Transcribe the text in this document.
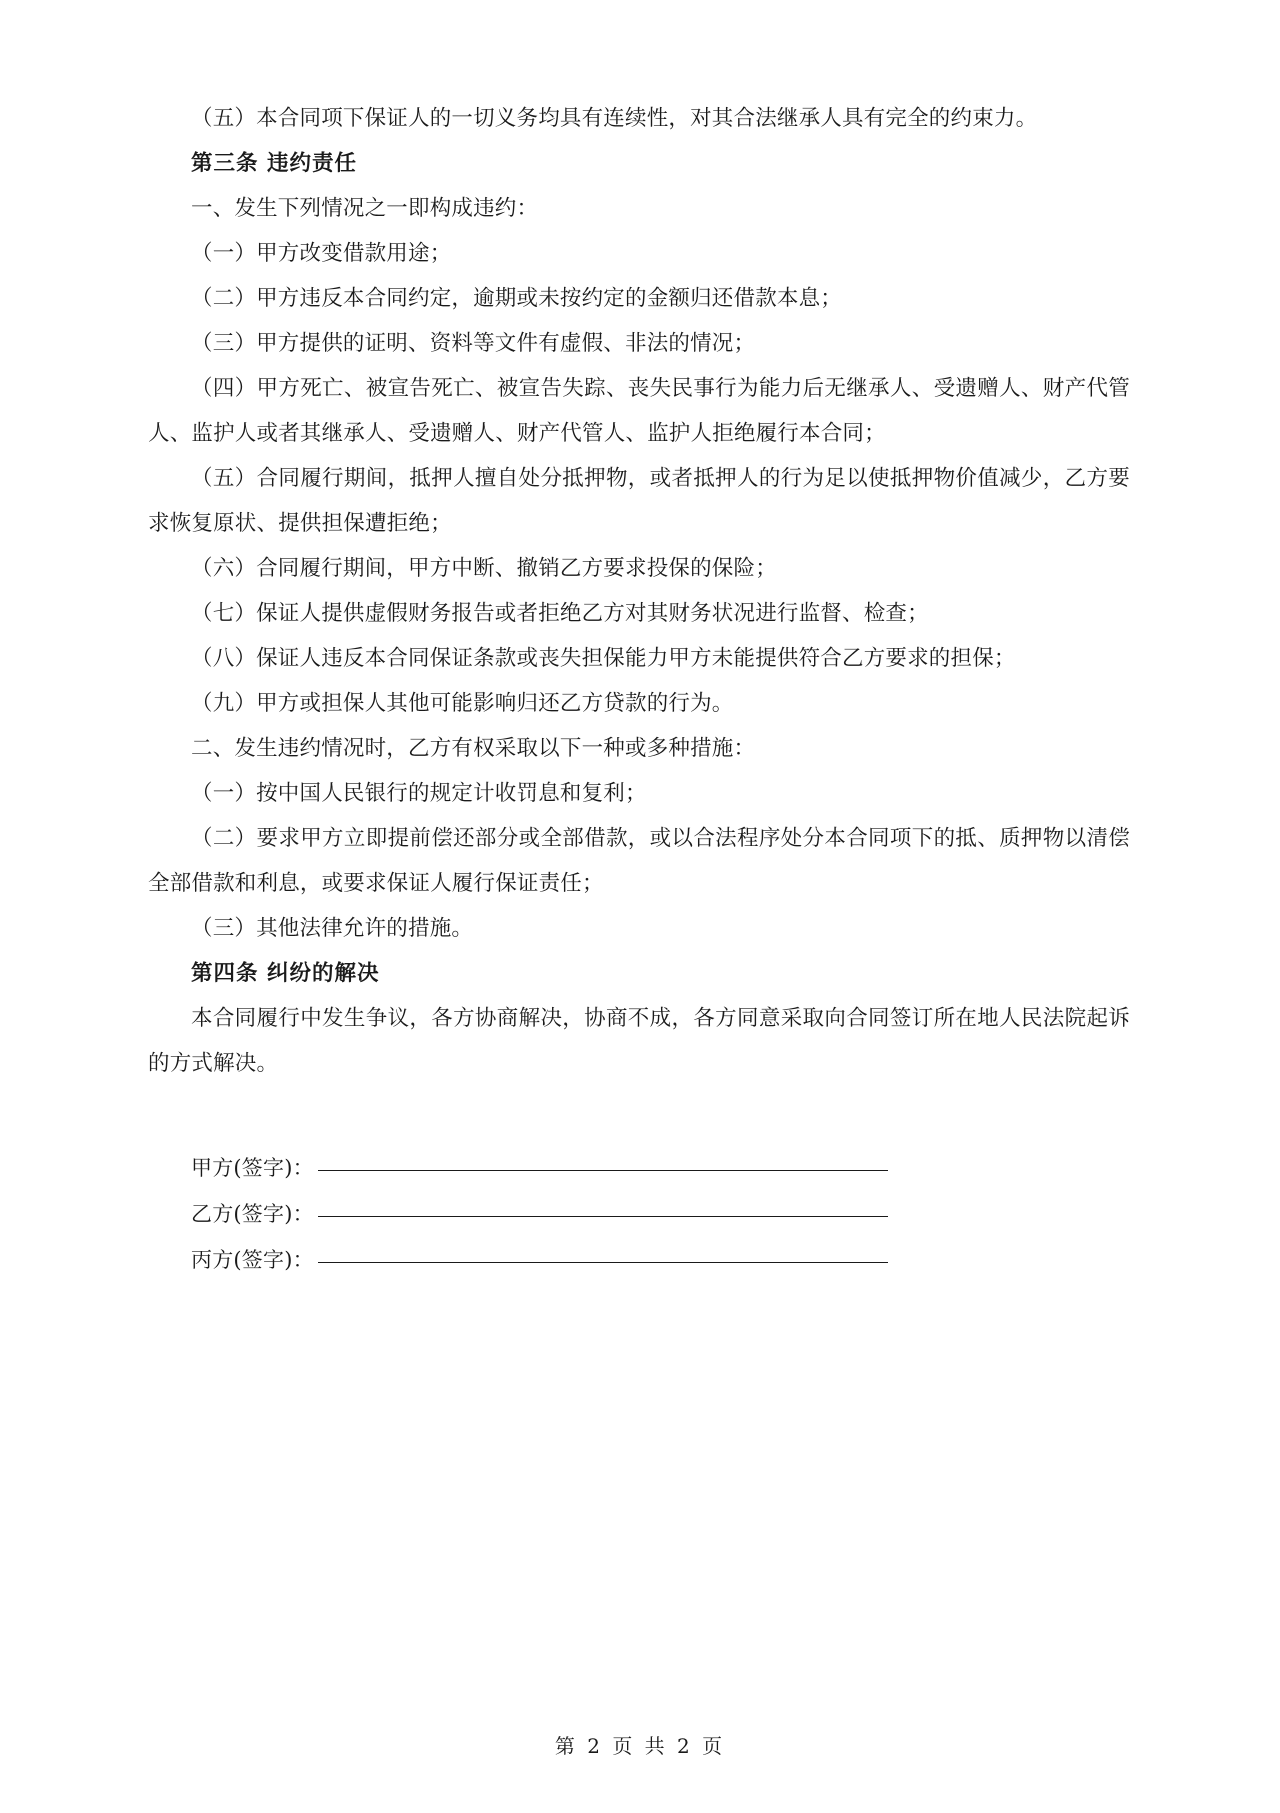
（五）本合同项下保证人的一切义务均具有连续性，对其合法继承人具有完全的约束力。

第三条 违约责任

一、发生下列情况之一即构成违约：

（一）甲方改变借款用途；

（二）甲方违反本合同约定，逾期或未按约定的金额归还借款本息；

（三）甲方提供的证明、资料等文件有虚假、非法的情况；

（四）甲方死亡、被宣告死亡、被宣告失踪、丧失民事行为能力后无继承人、受遗赠人、财产代管人、监护人或者其继承人、受遗赠人、财产代管人、监护人拒绝履行本合同；

（五）合同履行期间，抵押人擅自处分抵押物，或者抵押人的行为足以使抵押物价值减少，乙方要求恢复原状、提供担保遭拒绝；

（六）合同履行期间，甲方中断、撤销乙方要求投保的保险；

（七）保证人提供虚假财务报告或者拒绝乙方对其财务状况进行监督、检查；

（八）保证人违反本合同保证条款或丧失担保能力甲方未能提供符合乙方要求的担保；

（九）甲方或担保人其他可能影响归还乙方贷款的行为。

二、发生违约情况时，乙方有权采取以下一种或多种措施：

（一）按中国人民银行的规定计收罚息和复利；

（二）要求甲方立即提前偿还部分或全部借款，或以合法程序处分本合同项下的抵、质押物以清偿全部借款和利息，或要求保证人履行保证责任；

（三）其他法律允许的措施。

第四条 纠纷的解决

本合同履行中发生争议，各方协商解决，协商不成，各方同意采取向合同签订所在地人民法院起诉的方式解决。

甲方(签字)：
乙方(签字)：
丙方(签字)：
第 2 页 共 2 页
